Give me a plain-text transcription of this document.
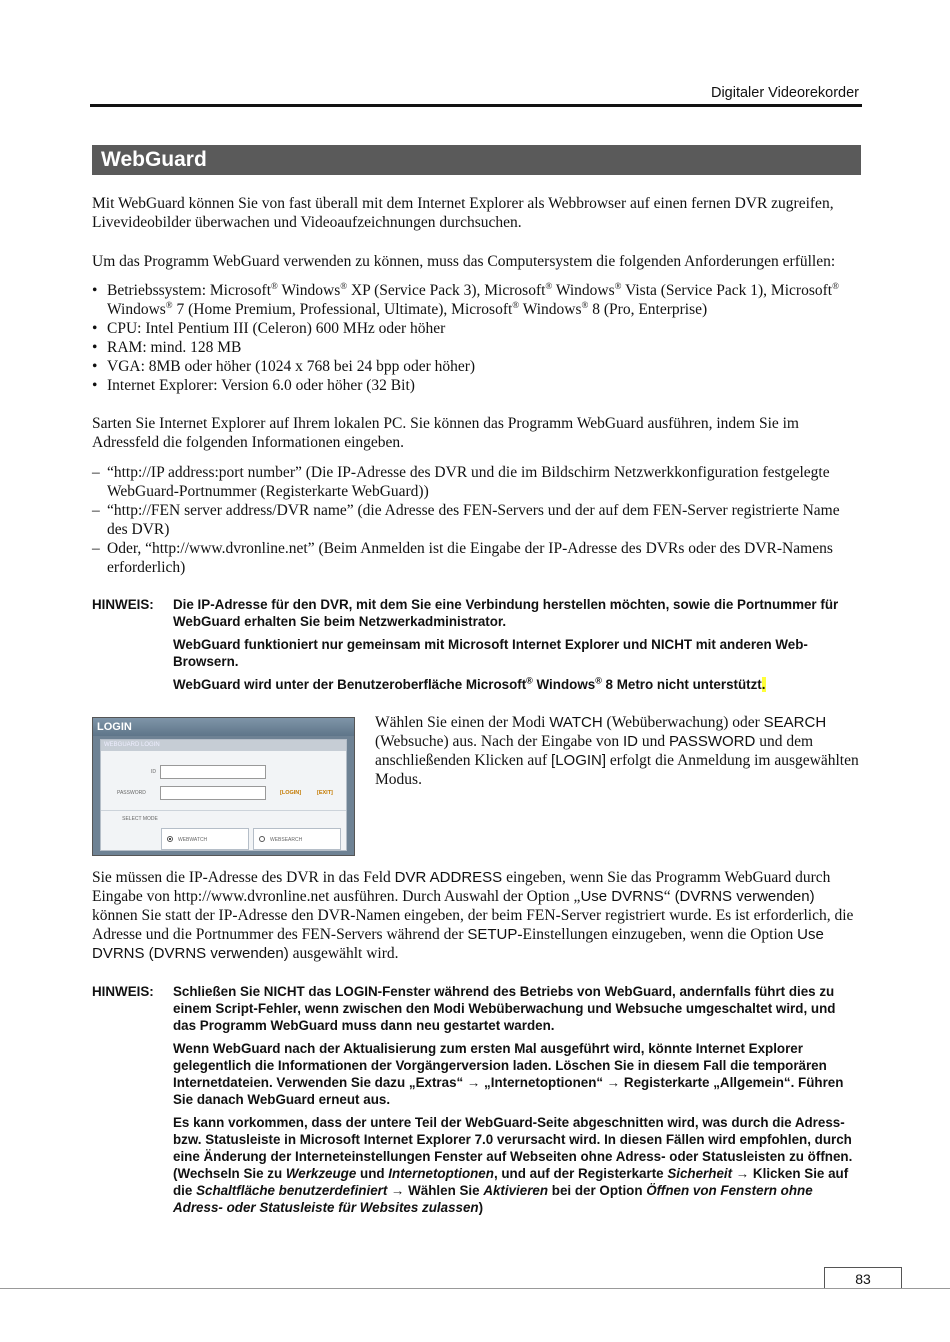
Digitaler Videorekorder
WebGuard

Mit WebGuard können Sie von fast überall mit dem Internet Explorer als Webbrowser auf einen fernen DVR zugreifen, Livevideobilder überwachen und Videoaufzeichnungen durchsuchen.

Um das Programm WebGuard verwenden zu können, muss das Computersystem die folgenden Anforderungen erfüllen:

• Betriebssystem: Microsoft® Windows® XP (Service Pack 3), Microsoft® Windows® Vista (Service Pack 1), Microsoft® Windows® 7 (Home Premium, Professional, Ultimate), Microsoft® Windows® 8 (Pro, Enterprise)
• CPU: Intel Pentium III (Celeron) 600 MHz oder höher
• RAM: mind. 128 MB
• VGA: 8MB oder höher (1024 x 768 bei 24 bpp oder höher)
• Internet Explorer: Version 6.0 oder höher (32 Bit)

Sarten Sie Internet Explorer auf Ihrem lokalen PC. Sie können das Programm WebGuard ausführen, indem Sie im Adressfeld die folgenden Informationen eingeben.

– “http://IP address:port number” (Die IP-Adresse des DVR und die im Bildschirm Netzwerkkonfiguration festgelegte WebGuard-Portnummer (Registerkarte WebGuard))
– “http://FEN server address/DVR name” (die Adresse des FEN-Servers und der auf dem FEN-Server registrierte Name des DVR)
– Oder, “http://www.dvronline.net” (Beim Anmelden ist die Eingabe der IP-Adresse des DVRs oder des DVR-Namens erforderlich)
HINWEIS: Die IP-Adresse für den DVR, mit dem Sie eine Verbindung herstellen möchten, sowie die Portnummer für WebGuard erhalten Sie beim Netzwerkadministrator.

WebGuard funktioniert nur gemeinsam mit Microsoft Internet Explorer und NICHT mit anderen Web-Browsern.

WebGuard wird unter der Benutzeroberfläche Microsoft® Windows® 8 Metro nicht unterstützt.

LOGIN
WEBGUARD LOGIN
ID
PASSWORD	[LOGIN]	[EXIT]
SELECT MODE
WEBWATCH	WEBSEARCH

Wählen Sie einen der Modi WATCH (Webüberwachung) oder SEARCH (Websuche) aus. Nach der Eingabe von ID und PASSWORD und dem anschließenden Klicken auf [LOGIN] erfolgt die Anmeldung im ausgewählten Modus.

Sie müssen die IP-Adresse des DVR in das Feld DVR ADDRESS eingeben, wenn Sie das Programm WebGuard durch Eingabe von http://www.dvronline.net ausführen. Durch Auswahl der Option „Use DVRNS“ (DVRNS verwenden) können Sie statt der IP-Adresse den DVR-Namen eingeben, der beim FEN-Server registriert wurde. Es ist erforderlich, die Adresse und die Portnummer des FEN-Servers während der SETUP-Einstellungen einzugeben, wenn die Option Use DVRNS (DVRNS verwenden) ausgewählt wird.

HINWEIS: Schließen Sie NICHT das LOGIN-Fenster während des Betriebs von WebGuard, andernfalls führt dies zu einem Script-Fehler, wenn zwischen den Modi Webüberwachung und Websuche umgeschaltet wird, und das Programm WebGuard muss dann neu gestartet warden.

Wenn WebGuard nach der Aktualisierung zum ersten Mal ausgeführt wird, könnte Internet Explorer gelegentlich die Informationen der Vorgängerversion laden. Löschen Sie in diesem Fall die temporären Internetdateien. Verwenden Sie dazu „Extras“ → „Internetoptionen“ → Registerkarte „Allgemein“. Führen Sie danach WebGuard erneut aus.

Es kann vorkommen, dass der untere Teil der WebGuard-Seite abgeschnitten wird, was durch die Adress- bzw. Statusleiste in Microsoft Internet Explorer 7.0 verursacht wird. In diesen Fällen wird empfohlen, durch eine Änderung der Interneteinstellungen Fenster auf Webseiten ohne Adress- oder Statusleisten zu öffnen. (Wechseln Sie zu Werkzeuge und Internetoptionen, und auf der Registerkarte Sicherheit → Klicken Sie auf die Schaltfläche benutzerdefiniert → Wählen Sie Aktivieren bei der Option Öffnen von Fenstern ohne Adress- oder Statusleiste für Websites zulassen)

83
